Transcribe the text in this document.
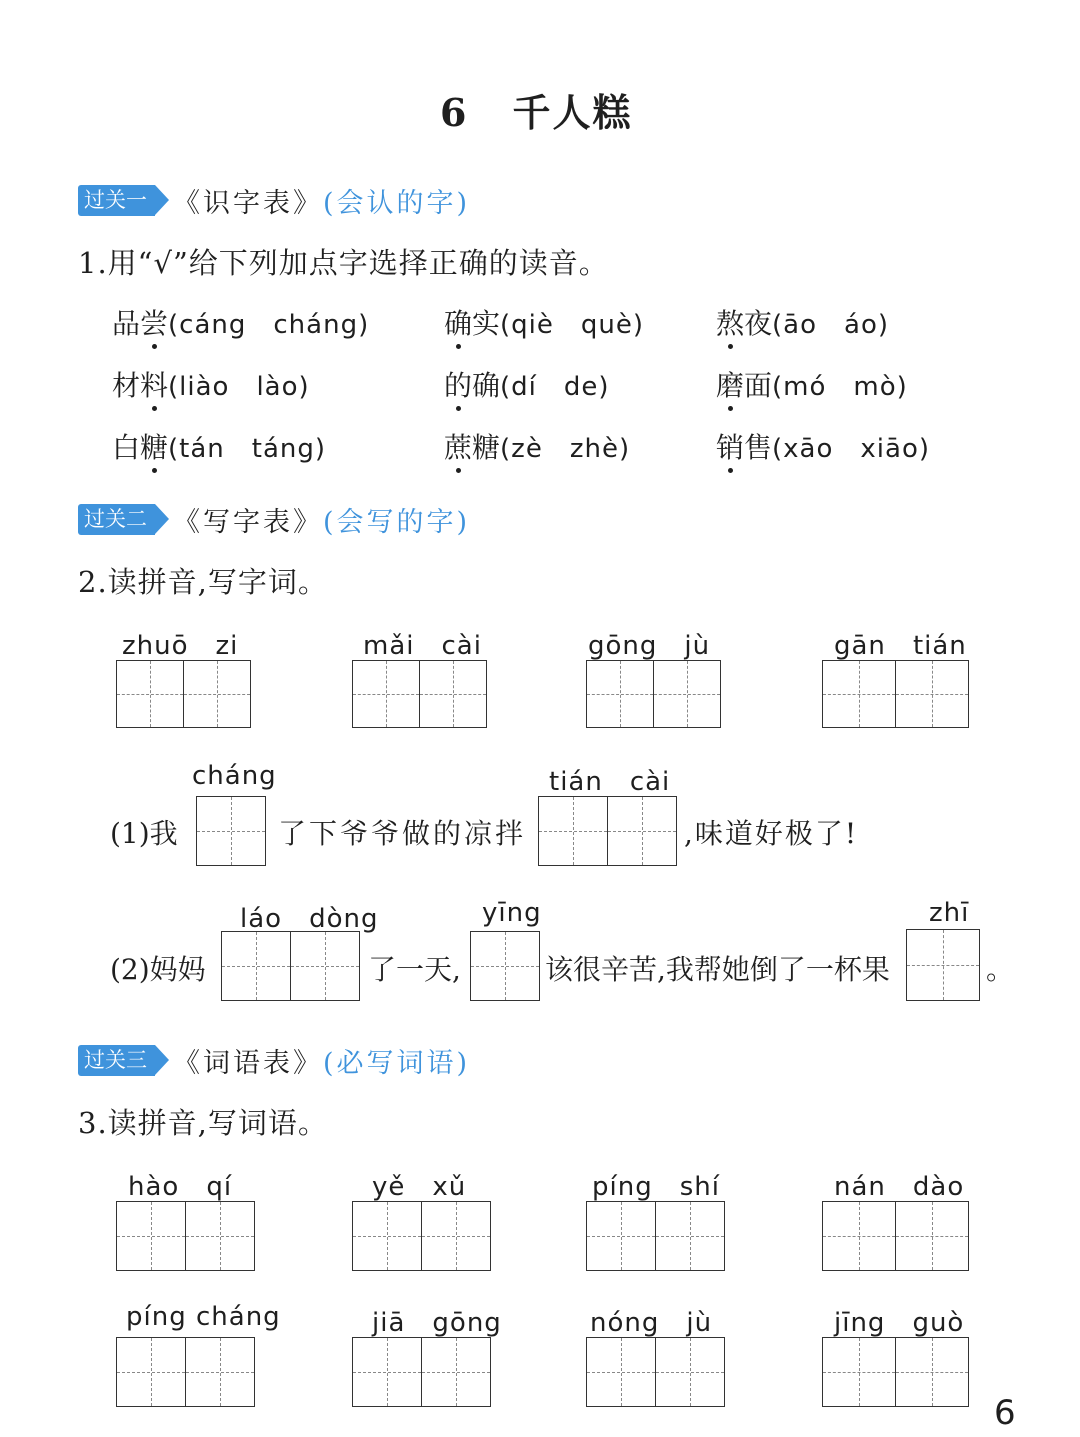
6 千人糕
过关一 《识字表》 (会认的字)
1.用“√”给下列加点字选择正确的读音。
品尝(cáng　cháng)	确实(qiè　què)	熬夜(āo　áo)
材料(liào　lào)	的确(dí　de)	磨面(mó　mò)
白糖(tán　táng)	蔗糖(zè　zhè)	销售(xāo　xiāo)
过关二 《写字表》 (会写的字)
2.读拼音,写字词。
zhuō　 zi	mǎi　 cài	gōng　 jù	gān　 tián
cháng	tián　cài
(1)我	了下爷爷做的凉拌	,味道好极了!
láo　dòng	yīng	zhī
(2)妈妈	了一天,	该很辛苦,我帮她倒了一杯果	。
过关三 《词语表》 (必写词语)
3.读拼音,写词语。
hào　 qí	yě　 xǔ	píng　 shí	nán　 dào
píng cháng	jiā　 gōng	nóng　 jù	jīng　 guò
6
